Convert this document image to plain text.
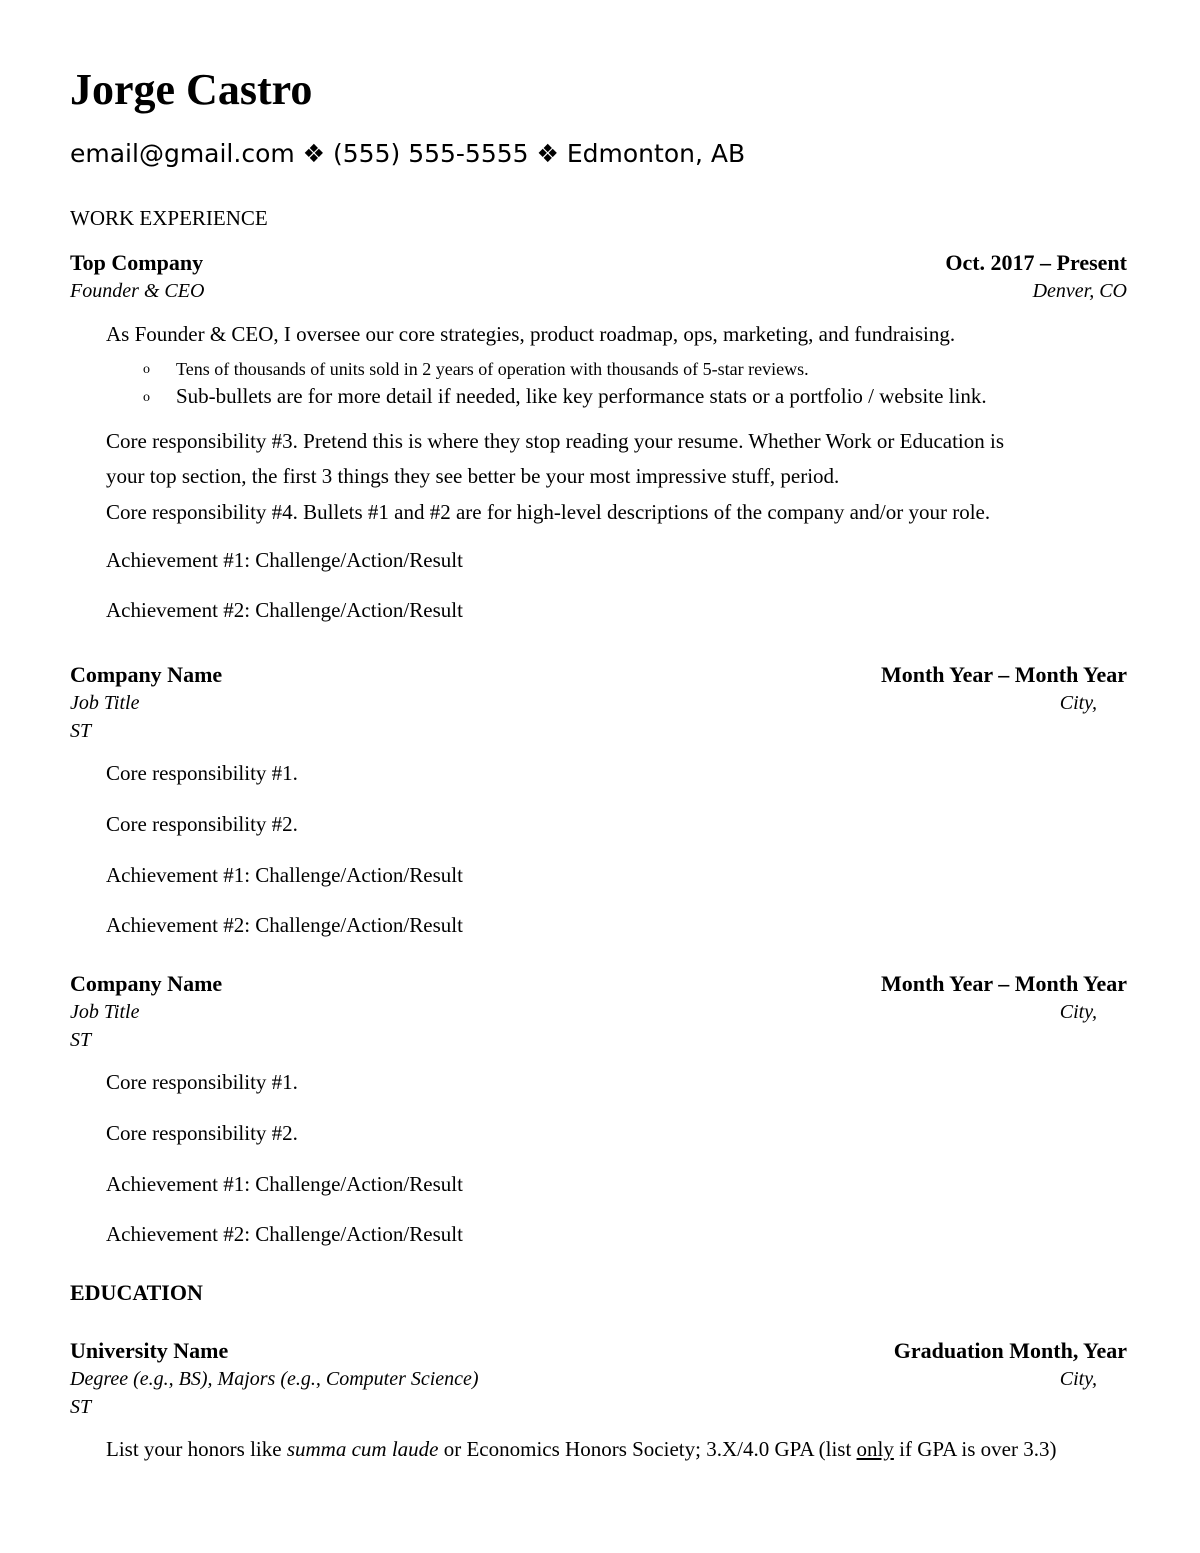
Jorge Castro
email@gmail.com ❖ (555) 555-5555 ❖ Edmonton, AB
WORK EXPERIENCE
Top Company	Oct. 2017 – Present
Founder & CEO	Denver, CO
As Founder & CEO, I oversee our core strategies, product roadmap, ops, marketing, and fundraising.
o Tens of thousands of units sold in 2 years of operation with thousands of 5-star reviews.
o Sub-bullets are for more detail if needed, like key performance stats or a portfolio / website link.
Core responsibility #3. Pretend this is where they stop reading your resume. Whether Work or Education is
your top section, the first 3 things they see better be your most impressive stuff, period.
Core responsibility #4. Bullets #1 and #2 are for high-level descriptions of the company and/or your role.
Achievement #1: Challenge/Action/Result
Achievement #2: Challenge/Action/Result
Company Name	Month Year – Month Year
Job Title	City,
ST
Core responsibility #1.
Core responsibility #2.
Achievement #1: Challenge/Action/Result
Achievement #2: Challenge/Action/Result
Company Name	Month Year – Month Year
Job Title	City,
ST
Core responsibility #1.
Core responsibility #2.
Achievement #1: Challenge/Action/Result
Achievement #2: Challenge/Action/Result
EDUCATION
University Name	Graduation Month, Year
Degree (e.g., BS), Majors (e.g., Computer Science)	City,
ST
List your honors like summa cum laude or Economics Honors Society; 3.X/4.0 GPA (list only if GPA is over 3.3)
